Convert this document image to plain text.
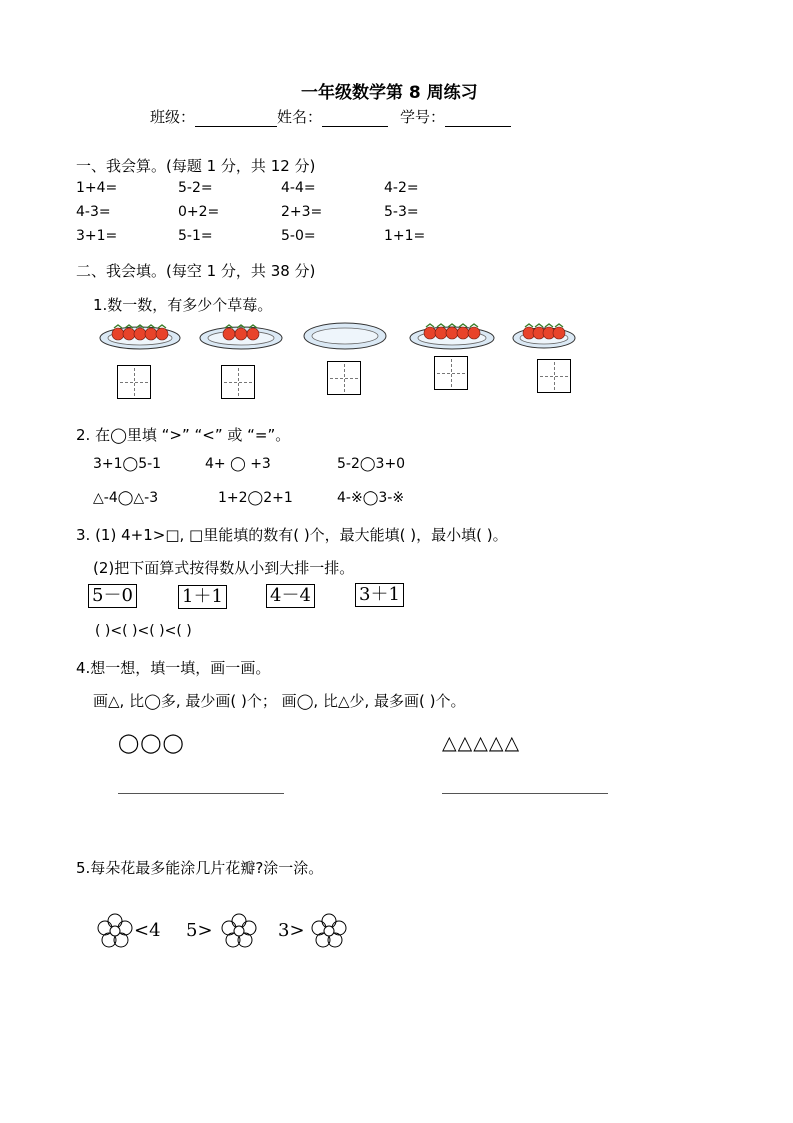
一年级数学第 8 周练习
班级：	姓名：	学号：
一、我会算。(每题 1 分，共 12 分)
1+4=	5-2=	4-4=	4-2=
4-3=	0+2=	2+3=	5-3=
3+1=	5-1=	5-0=	1+1=
二、我会填。(每空 1 分，共 38 分)
1.数一数，有多少个草莓。
2. 在◯里填 “>” “<” 或 “=”。
3+1◯5-1	4+ ◯ +3	5-2◯3+0
△-4◯△-3	1+2◯2+1	4-※◯3-※
3. (1) 4+1>□, □里能填的数有( )个，最大能填( )，最小填( )。
(2)把下面算式按得数从小到大排一排。
5－0	1＋1	4－4	3＋1
( )<( )<( )<( )
4.想一想，填一填，画一画。
画△, 比◯多, 最少画( )个； 画◯, 比△少, 最多画( )个。
◯◯◯	△△△△△
5.每朵花最多能涂几片花瓣?涂一涂。
<4 5>	3>
